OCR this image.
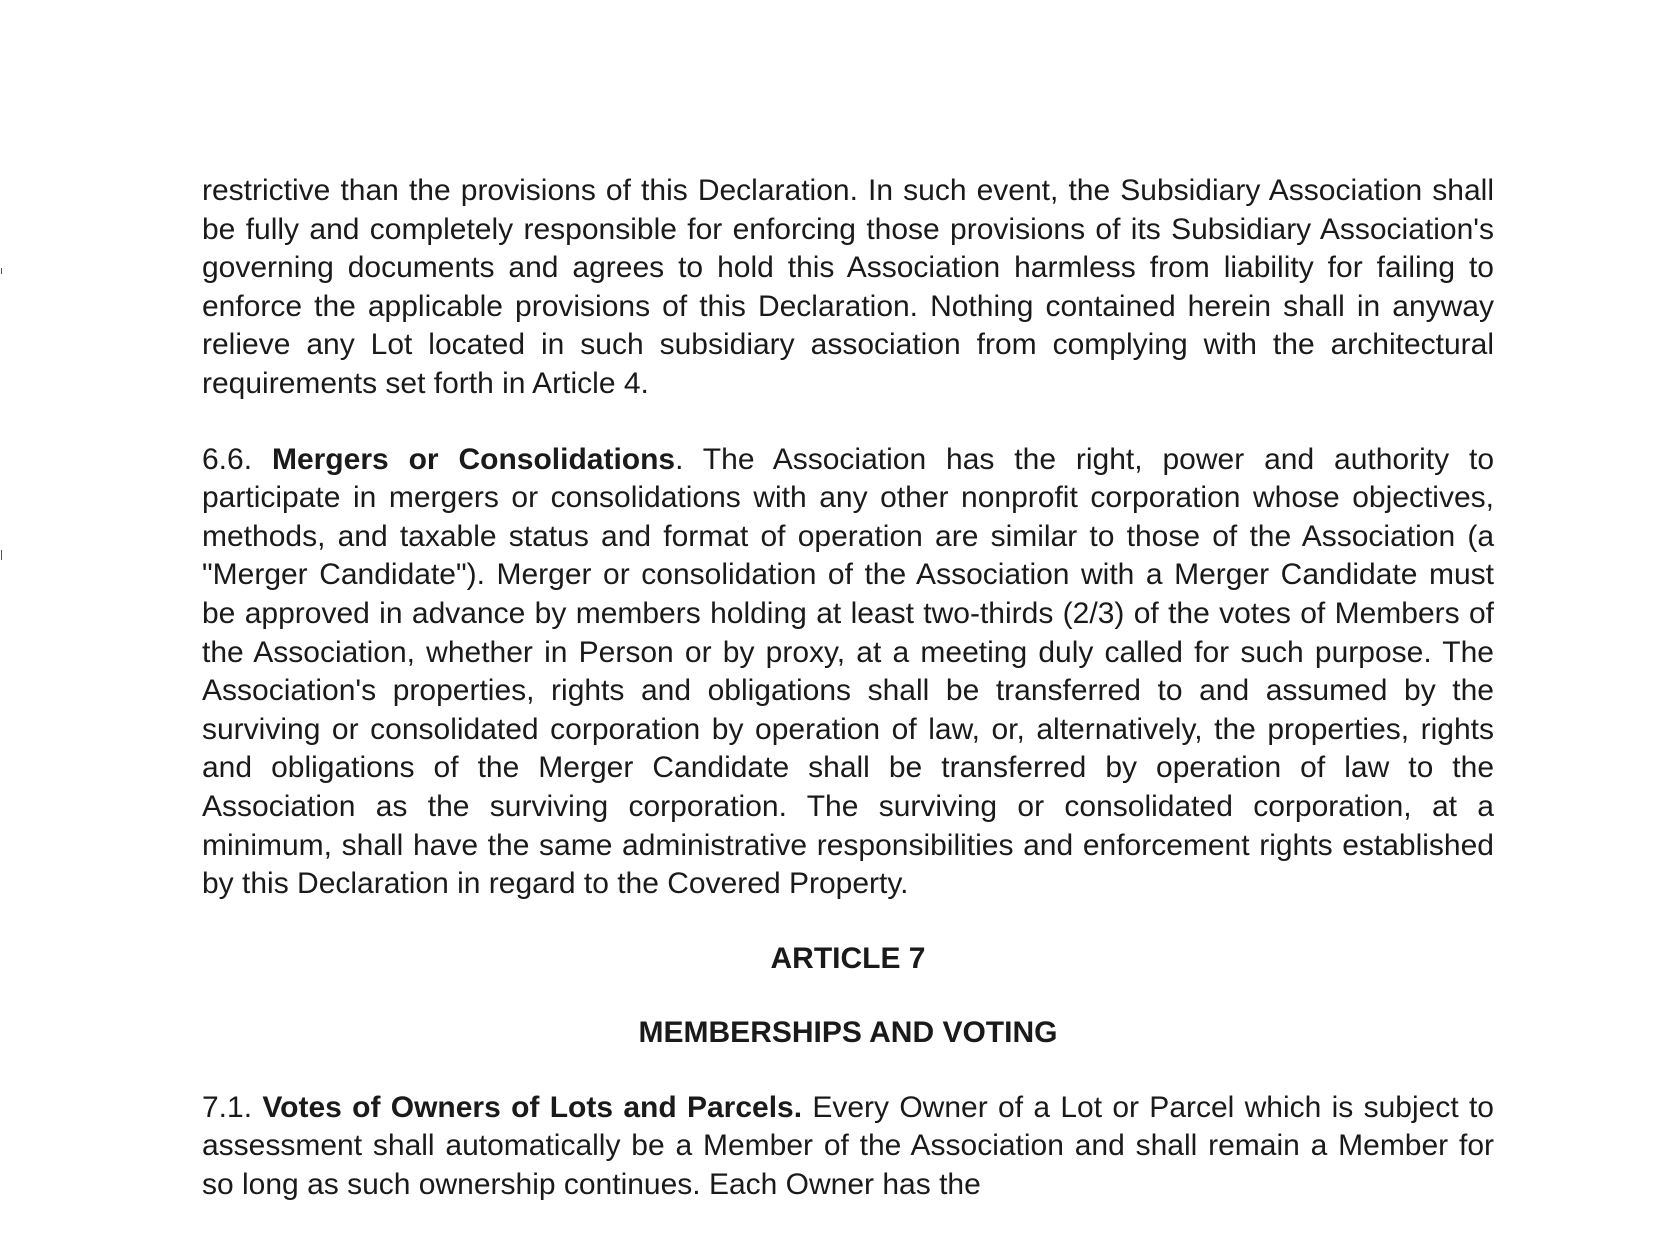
restrictive than the provisions of this Declaration. In such event, the Subsidiary Association shall be fully and completely responsible for enforcing those provisions of its Subsidiary Association's governing documents and agrees to hold this Association harmless from liability for failing to enforce the applicable provisions of this Declaration. Nothing contained herein shall in anyway relieve any Lot located in such subsidiary association from complying with the architectural requirements set forth in Article 4.

6.6. Mergers or Consolidations. The Association has the right, power and authority to participate in mergers or consolidations with any other nonprofit corporation whose objectives, methods, and taxable status and format of operation are similar to those of the Association (a "Merger Candidate"). Merger or consolidation of the Association with a Merger Candidate must be approved in advance by members holding at least two-thirds (2/3) of the votes of Members of the Association, whether in Person or by proxy, at a meeting duly called for such purpose. The Association's properties, rights and obligations shall be transferred to and assumed by the surviving or consolidated corporation by operation of law, or, alternatively, the properties, rights and obligations of the Merger Candidate shall be transferred by operation of law to the Association as the surviving corporation. The surviving or consolidated corporation, at a minimum, shall have the same administrative responsibilities and enforcement rights established by this Declaration in regard to the Covered Property.

ARTICLE 7

MEMBERSHIPS AND VOTING

7.1. Votes of Owners of Lots and Parcels. Every Owner of a Lot or Parcel which is subject to assessment shall automatically be a Member of the Association and shall remain a Member for so long as such ownership continues. Each Owner has the
